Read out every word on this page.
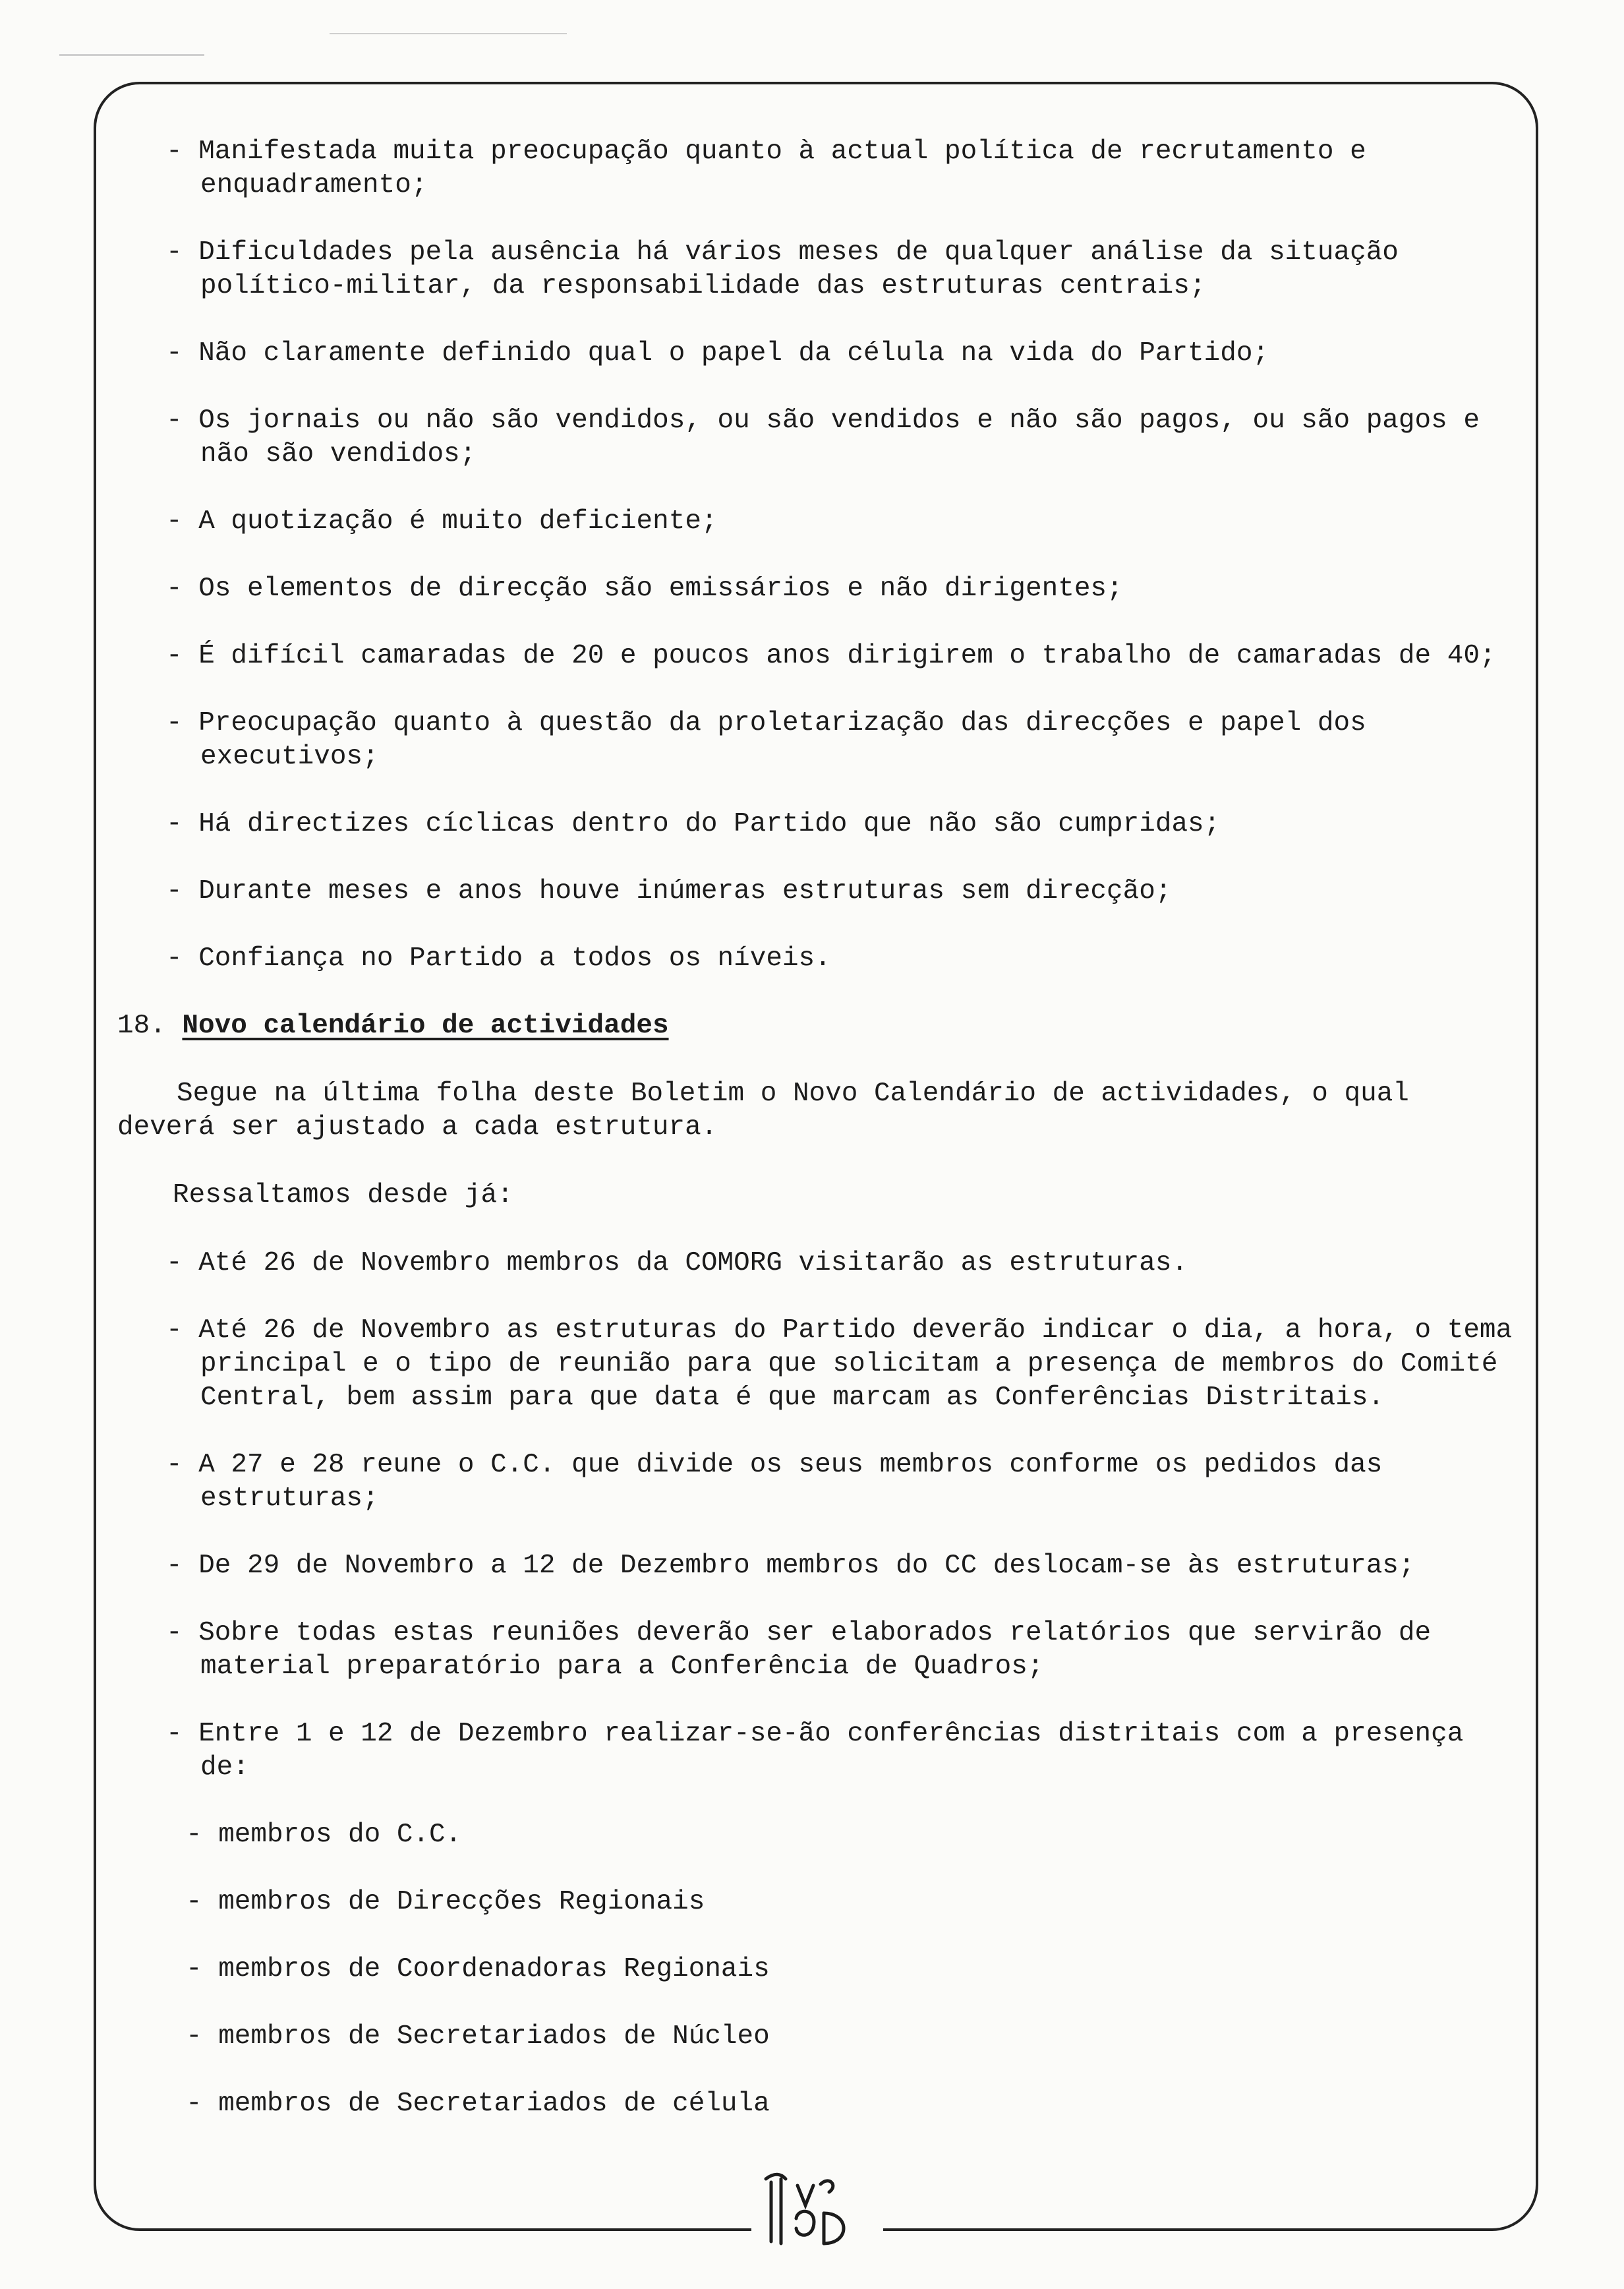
- Manifestada muita preocupação quanto à actual política de recrutamento e enquadramento;
- Dificuldades pela ausência há vários meses de qualquer análise da situação político-militar, da responsabilidade das estruturas centrais;
- Não claramente definido qual o papel da célula na vida do Partido;
- Os jornais ou não são vendidos, ou são vendidos e não são pagos, ou são pagos e não são vendidos;
- A quotização é muito deficiente;
- Os elementos de direcção são emissários e não dirigentes;
- É difícil camaradas de 20 e poucos anos dirigirem o trabalho de camaradas de 40;
- Preocupação quanto à questão da proletarização das direcções e papel dos executivos;
- Há directizes cíclicas dentro do Partido que não são cumpridas;
- Durante meses e anos houve inúmeras estruturas sem direcção;
- Confiança no Partido a todos os níveis.
18. Novo calendário de actividades
Segue na última folha deste Boletim o Novo Calendário de actividades, o qual deverá ser ajustado a cada estrutura.
Ressaltamos desde já:
- Até 26 de Novembro membros da COMORG visitarão as estruturas.
- Até 26 de Novembro as estruturas do Partido deverão indicar o dia, a hora, o tema principal e o tipo de reunião para que solicitam a presença de membros do Comité Central, bem assim para que data é que marcam as Conferências Distritais.
- A 27 e 28 reune o C.C. que divide os seus membros conforme os pedidos das estruturas;
- De 29 de Novembro a 12 de Dezembro membros do CC deslocam-se às estruturas;
- Sobre todas estas reuniões deverão ser elaborados relatórios que servirão de material preparatório para a Conferência de Quadros;
- Entre 1 e 12 de Dezembro realizar-se-ão conferências distritais com a presença de:
- membros do C.C.
- membros de Direcções Regionais
- membros de Coordenadoras Regionais
- membros de Secretariados de Núcleo
- membros de Secretariados de célula
